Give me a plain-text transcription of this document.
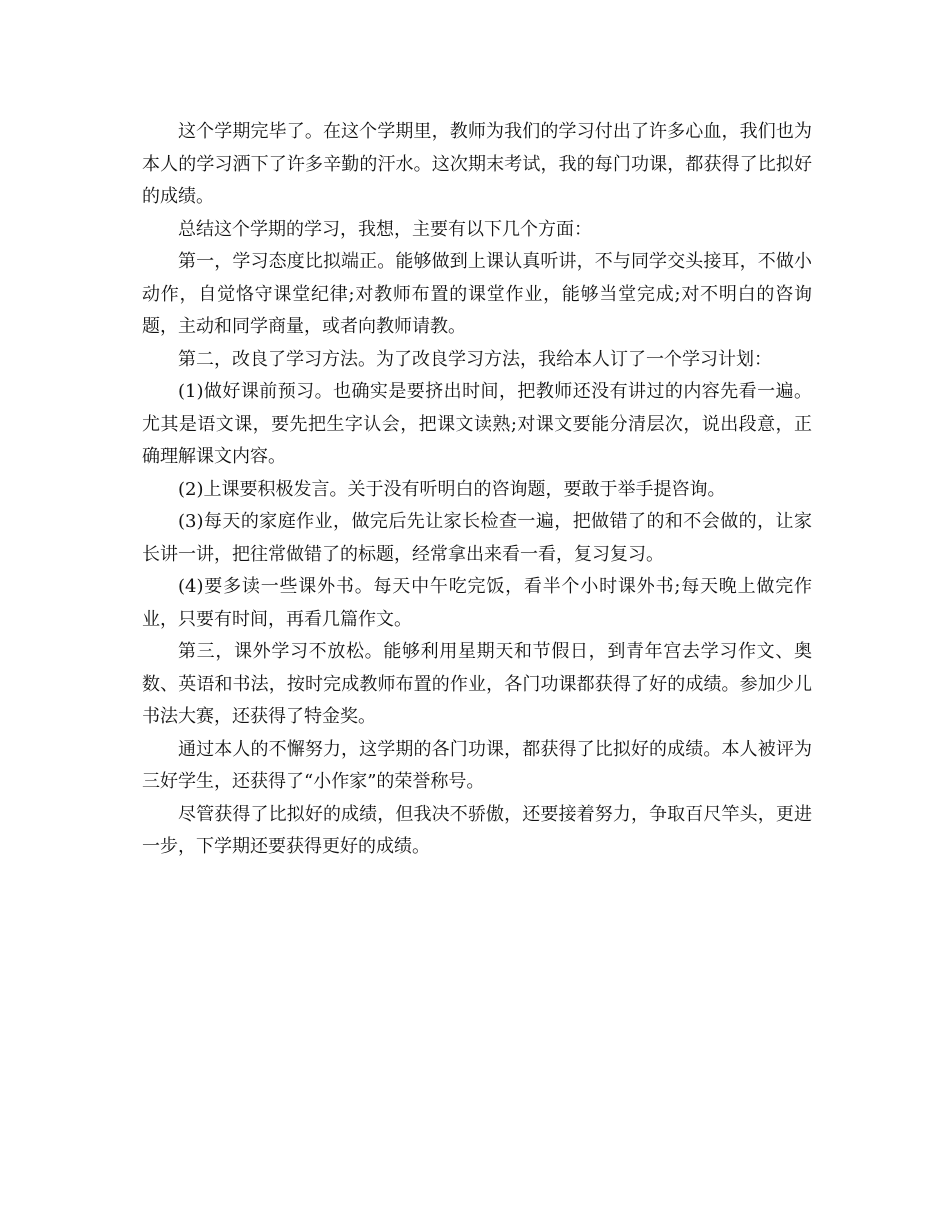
这个学期完毕了。在这个学期里，教师为我们的学习付出了许多心血，我们也为本人的学习洒下了许多辛勤的汗水。这次期末考试，我的每门功课，都获得了比拟好的成绩。

总结这个学期的学习，我想，主要有以下几个方面：

第一，学习态度比拟端正。能够做到上课认真听讲，不与同学交头接耳，不做小动作，自觉恪守课堂纪律;对教师布置的课堂作业，能够当堂完成;对不明白的咨询题，主动和同学商量，或者向教师请教。

第二，改良了学习方法。为了改良学习方法，我给本人订了一个学习计划：

(1)做好课前预习。也确实是要挤出时间，把教师还没有讲过的内容先看一遍。尤其是语文课，要先把生字认会，把课文读熟;对课文要能分清层次，说出段意，正确理解课文内容。

(2)上课要积极发言。关于没有听明白的咨询题，要敢于举手提咨询。

(3)每天的家庭作业，做完后先让家长检查一遍，把做错了的和不会做的，让家长讲一讲，把往常做错了的标题，经常拿出来看一看，复习复习。

(4)要多读一些课外书。每天中午吃完饭，看半个小时课外书;每天晚上做完作业，只要有时间，再看几篇作文。

第三，课外学习不放松。能够利用星期天和节假日，到青年宫去学习作文、奥数、英语和书法，按时完成教师布置的作业，各门功课都获得了好的成绩。参加少儿书法大赛，还获得了特金奖。

通过本人的不懈努力，这学期的各门功课，都获得了比拟好的成绩。本人被评为三好学生，还获得了“小作家”的荣誉称号。

尽管获得了比拟好的成绩，但我决不骄傲，还要接着努力，争取百尺竿头，更进一步，下学期还要获得更好的成绩。
